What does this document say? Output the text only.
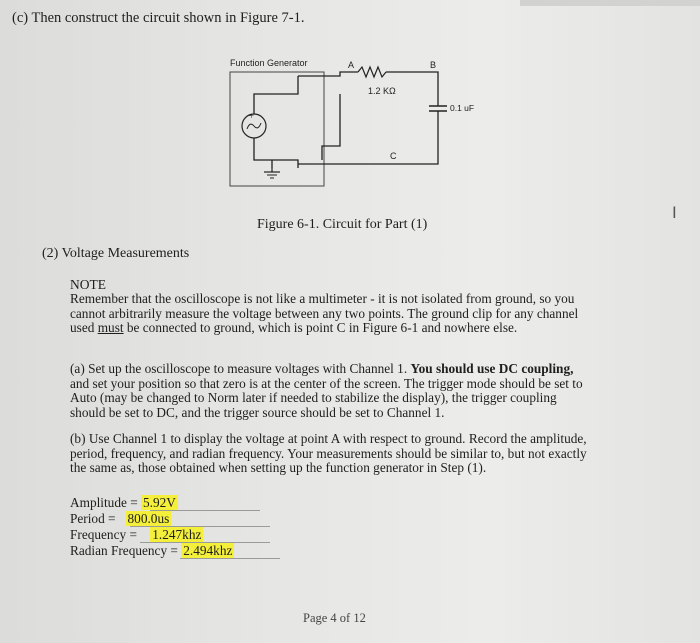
(c) Then construct the circuit shown in Figure 7-1.
Function Generator
+
A
1.2 KΩ
B
0.1 uF
C
Figure 6-1. Circuit for Part (1)
(2) Voltage Measurements
NOTE
Remember that the oscilloscope is not like a multimeter - it is not isolated from ground, so you
cannot arbitrarily measure the voltage between any two points. The ground clip for any channel
used must be connected to ground, which is point C in Figure 6-1 and nowhere else.
(a) Set up the oscilloscope to measure voltages with Channel 1. You should use DC coupling,
and set your position so that zero is at the center of the screen. The trigger mode should be set to
Auto (may be changed to Norm later if needed to stabilize the display), the trigger coupling
should be set to DC, and the trigger source should be set to Channel 1.
(b) Use Channel 1 to display the voltage at point A with respect to ground. Record the amplitude,
period, frequency, and radian frequency. Your measurements should be similar to, but not exactly
the same as, those obtained when setting up the function generator in Step (1).
Amplitude = 5.92V
Period =   800.0us
Frequency =    1.247khz
Radian Frequency = 2.494khz
Page 4 of 12
I
